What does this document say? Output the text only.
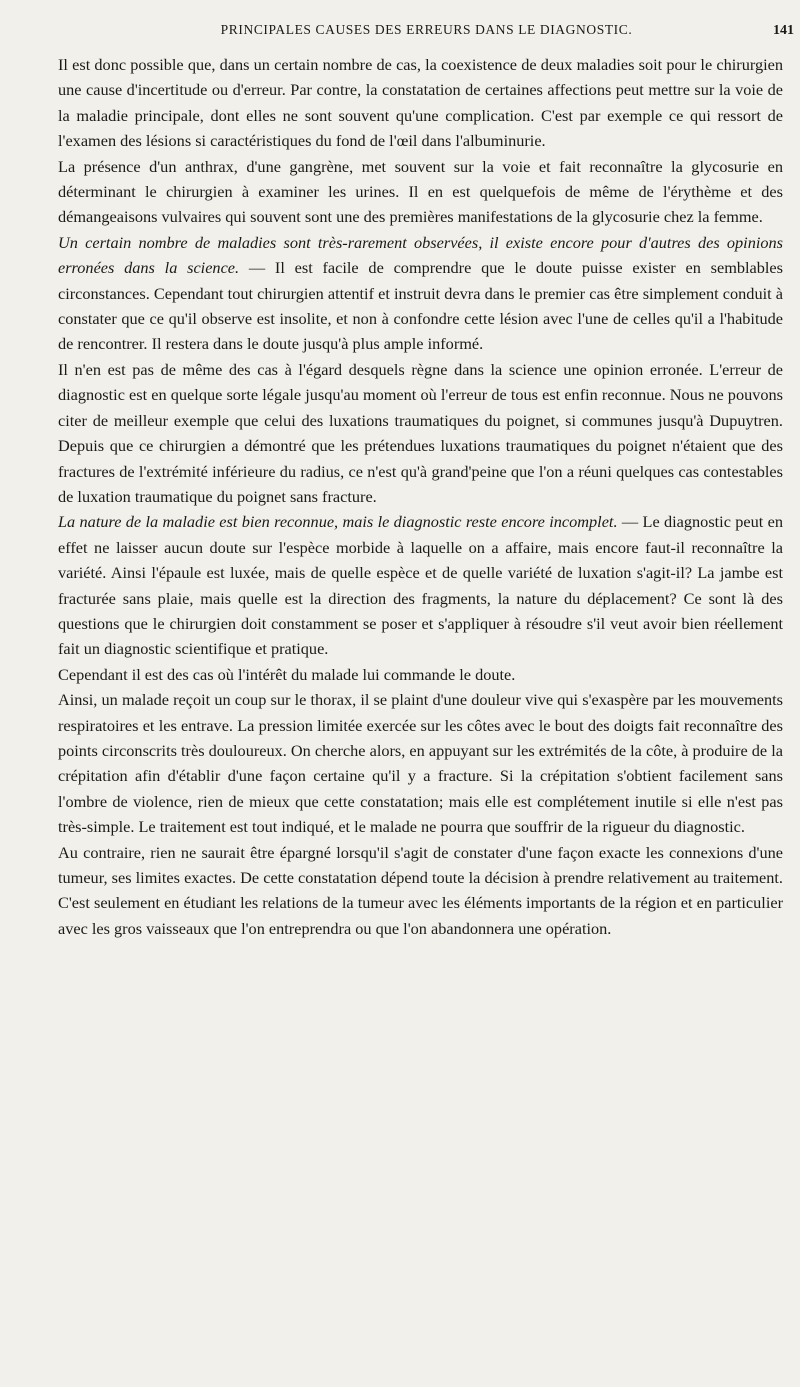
PRINCIPALES CAUSES DES ERREURS DANS LE DIAGNOSTIC.	141

Il est donc possible que, dans un certain nombre de cas, la coexistence de deux maladies soit pour le chirurgien une cause d'incertitude ou d'erreur. Par contre, la constatation de certaines affections peut mettre sur la voie de la maladie principale, dont elles ne sont souvent qu'une complication. C'est par exemple ce qui ressort de l'examen des lésions si caractéristiques du fond de l'œil dans l'albuminurie.

La présence d'un anthrax, d'une gangrène, met souvent sur la voie et fait reconnaître la glycosurie en déterminant le chirurgien à examiner les urines. Il en est quelquefois de même de l'érythème et des démangeaisons vulvaires qui souvent sont une des premières manifestations de la glycosurie chez la femme.

Un certain nombre de maladies sont très-rarement observées, il existe encore pour d'autres des opinions erronées dans la science. — Il est facile de comprendre que le doute puisse exister en semblables circonstances. Cependant tout chirurgien attentif et instruit devra dans le premier cas être simplement conduit à constater que ce qu'il observe est insolite, et non à confondre cette lésion avec l'une de celles qu'il a l'habitude de rencontrer. Il restera dans le doute jusqu'à plus ample informé.

Il n'en est pas de même des cas à l'égard desquels règne dans la science une opinion erronée. L'erreur de diagnostic est en quelque sorte légale jusqu'au moment où l'erreur de tous est enfin reconnue. Nous ne pouvons citer de meilleur exemple que celui des luxations traumatiques du poignet, si communes jusqu'à Dupuytren. Depuis que ce chirurgien a démontré que les prétendues luxations traumatiques du poignet n'étaient que des fractures de l'extrémité inférieure du radius, ce n'est qu'à grand'peine que l'on a réuni quelques cas contestables de luxation traumatique du poignet sans fracture.

La nature de la maladie est bien reconnue, mais le diagnostic reste encore incomplet. — Le diagnostic peut en effet ne laisser aucun doute sur l'espèce morbide à laquelle on a affaire, mais encore faut-il reconnaître la variété. Ainsi l'épaule est luxée, mais de quelle espèce et de quelle variété de luxation s'agit-il? La jambe est fracturée sans plaie, mais quelle est la direction des fragments, la nature du déplacement? Ce sont là des questions que le chirurgien doit constamment se poser et s'appliquer à résoudre s'il veut avoir bien réellement fait un diagnostic scientifique et pratique.

Cependant il est des cas où l'intérêt du malade lui commande le doute.

Ainsi, un malade reçoit un coup sur le thorax, il se plaint d'une douleur vive qui s'exaspère par les mouvements respiratoires et les entrave. La pression limitée exercée sur les côtes avec le bout des doigts fait reconnaître des points circonscrits très douloureux. On cherche alors, en appuyant sur les extrémités de la côte, à produire de la crépitation afin d'établir d'une façon certaine qu'il y a fracture. Si la crépitation s'obtient facilement sans l'ombre de violence, rien de mieux que cette constatation; mais elle est complétement inutile si elle n'est pas très-simple. Le traitement est tout indiqué, et le malade ne pourra que souffrir de la rigueur du diagnostic.

Au contraire, rien ne saurait être épargné lorsqu'il s'agit de constater d'une façon exacte les connexions d'une tumeur, ses limites exactes. De cette constatation dépend toute la décision à prendre relativement au traitement. C'est seulement en étudiant les relations de la tumeur avec les éléments importants de la région et en particulier avec les gros vaisseaux que l'on entreprendra ou que l'on abandonnera une opération.
